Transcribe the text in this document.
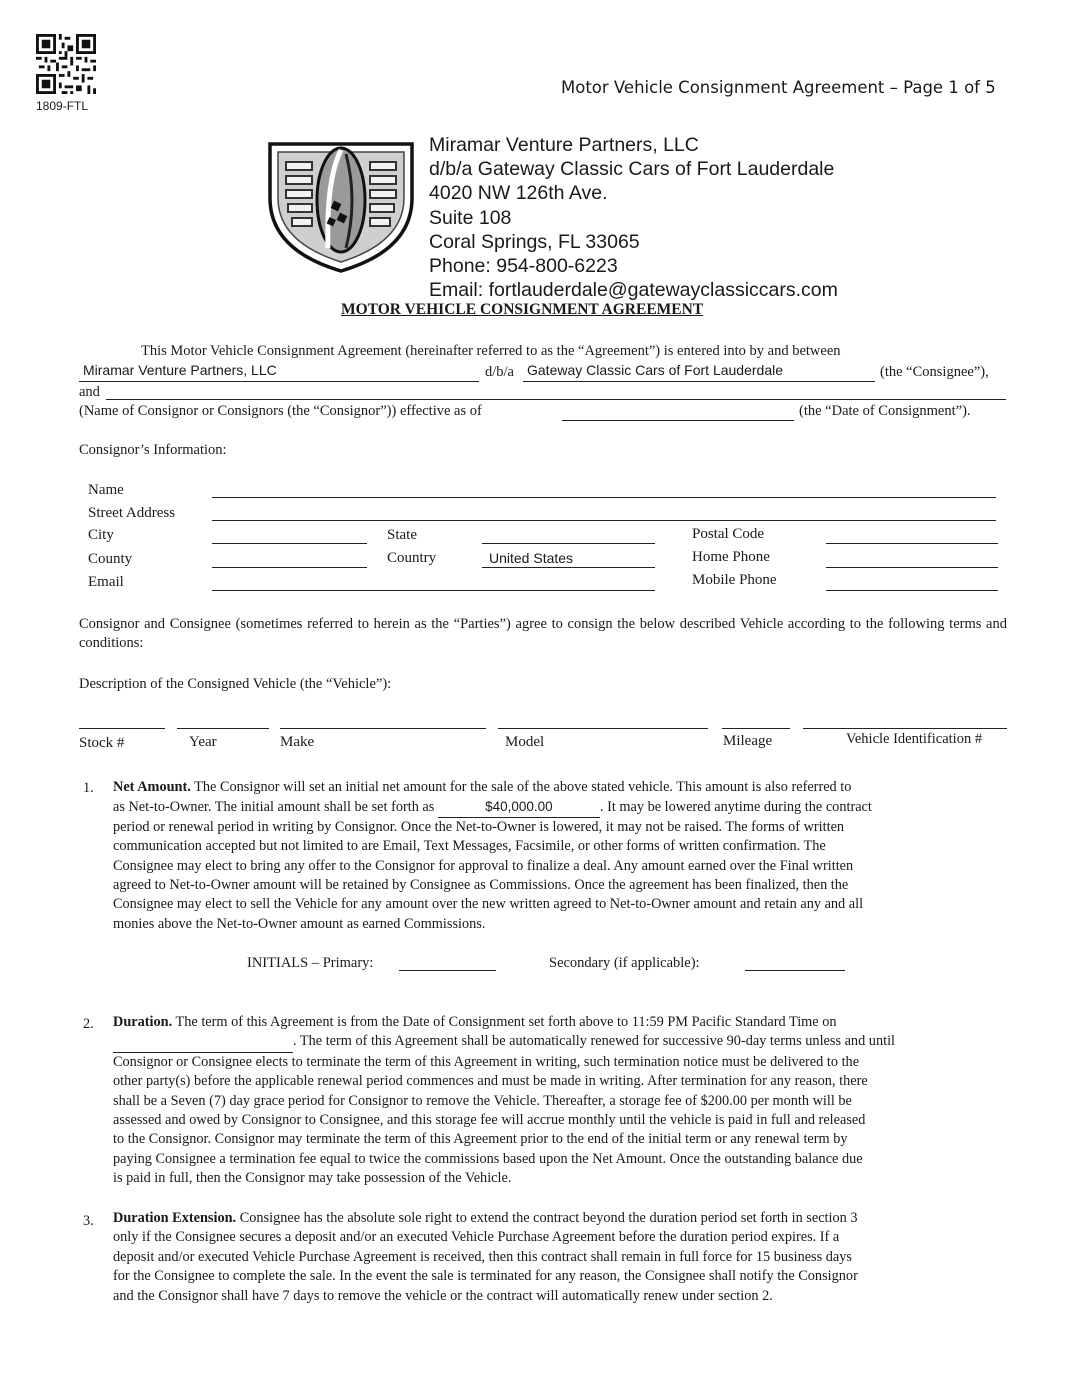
1809-FTL
Motor Vehicle Consignment Agreement – Page 1 of 5
Miramar Venture Partners, LLC
d/b/a Gateway Classic Cars of Fort Lauderdale
4020 NW 126th Ave.
Suite 108
Coral Springs, FL 33065
Phone: 954-800-6223
Email: fortlauderdale@gatewayclassiccars.com
MOTOR VEHICLE CONSIGNMENT AGREEMENT
This Motor Vehicle Consignment Agreement (hereinafter referred to as the “Agreement”) is entered into by and between
Miramar Venture Partners, LLC	d/b/a Gateway Classic Cars of Fort Lauderdale	(the “Consignee”),
and
(Name of Consignor or Consignors (the “Consignor”)) effective as of	(the “Date of Consignment”).
Consignor’s Information:
Name
Street Address
City	State	Postal Code
County	Country	United States	Home Phone
Email	Mobile Phone
Consignor and Consignee (sometimes referred to herein as the “Parties”) agree to consign the below described Vehicle according to the following terms and conditions:
Description of the Consigned Vehicle (the “Vehicle”):
Stock #	Year	Make	Model	Mileage	Vehicle Identification #
1. Net Amount. The Consignor will set an initial net amount for the sale of the above stated vehicle. This amount is also referred to
as Net-to-Owner. The initial amount shall be set forth as	$40,000.00	. It may be lowered anytime during the contract
period or renewal period in writing by Consignor. Once the Net-to-Owner is lowered, it may not be raised. The forms of written
communication accepted but not limited to are Email, Text Messages, Facsimile, or other forms of written confirmation. The
Consignee may elect to bring any offer to the Consignor for approval to finalize a deal. Any amount earned over the Final written
agreed to Net-to-Owner amount will be retained by Consignee as Commissions. Once the agreement has been finalized, then the
Consignee may elect to sell the Vehicle for any amount over the new written agreed to Net-to-Owner amount and retain any and all
monies above the Net-to-Owner amount as earned Commissions.
INITIALS – Primary:	Secondary (if applicable):
2. Duration. The term of this Agreement is from the Date of Consignment set forth above to 11:59 PM Pacific Standard Time on
. The term of this Agreement shall be automatically renewed for successive 90-day terms unless and until
Consignor or Consignee elects to terminate the term of this Agreement in writing, such termination notice must be delivered to the
other party(s) before the applicable renewal period commences and must be made in writing. After termination for any reason, there
shall be a Seven (7) day grace period for Consignor to remove the Vehicle. Thereafter, a storage fee of $200.00 per month will be
assessed and owed by Consignor to Consignee, and this storage fee will accrue monthly until the vehicle is paid in full and released
to the Consignor. Consignor may terminate the term of this Agreement prior to the end of the initial term or any renewal term by
paying Consignee a termination fee equal to twice the commissions based upon the Net Amount. Once the outstanding balance due
is paid in full, then the Consignor may take possession of the Vehicle.
3. Duration Extension. Consignee has the absolute sole right to extend the contract beyond the duration period set forth in section 3
only if the Consignee secures a deposit and/or an executed Vehicle Purchase Agreement before the duration period expires. If a
deposit and/or executed Vehicle Purchase Agreement is received, then this contract shall remain in full force for 15 business days
for the Consignee to complete the sale. In the event the sale is terminated for any reason, the Consignee shall notify the Consignor
and the Consignor shall have 7 days to remove the vehicle or the contract will automatically renew under section 2.
